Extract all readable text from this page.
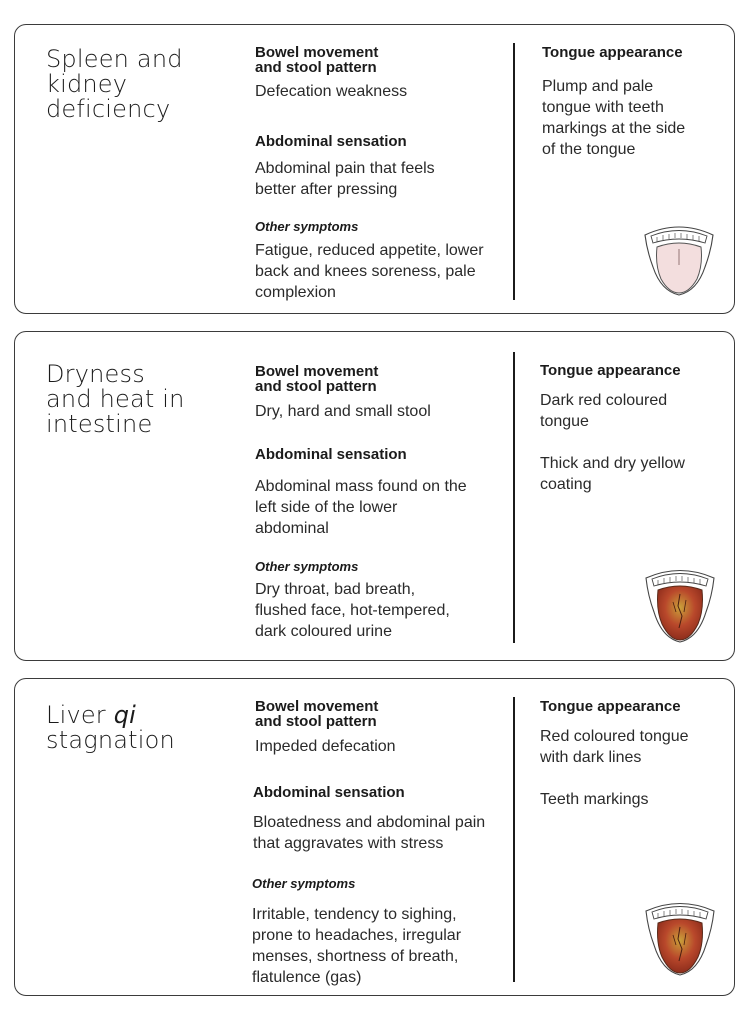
Spleen and
kidney
deficiency
Bowel movement
and stool pattern
Defecation weakness
Abdominal sensation
Abdominal pain that feels
better after pressing
Other symptoms
Fatigue, reduced appetite, lower
back and knees soreness, pale
complexion
Tongue appearance
Plump and pale
tongue with teeth
markings at the side
of the tongue
Dryness
and heat in
intestine
Bowel movement
and stool pattern
Dry, hard and small stool
Abdominal sensation
Abdominal mass found on the
left side of the lower
abdominal
Other symptoms
Dry throat, bad breath,
flushed face, hot-tempered,
dark coloured urine
Tongue appearance
Dark red coloured
tongue

Thick and dry yellow
coating
Liver qi
stagnation
Bowel movement
and stool pattern
Impeded defecation
Abdominal sensation
Bloatedness and abdominal pain
that aggravates with stress
Other symptoms
Irritable, tendency to sighing,
prone to headaches, irregular
menses, shortness of breath,
flatulence (gas)
Tongue appearance
Red coloured tongue
with dark lines

Teeth markings
